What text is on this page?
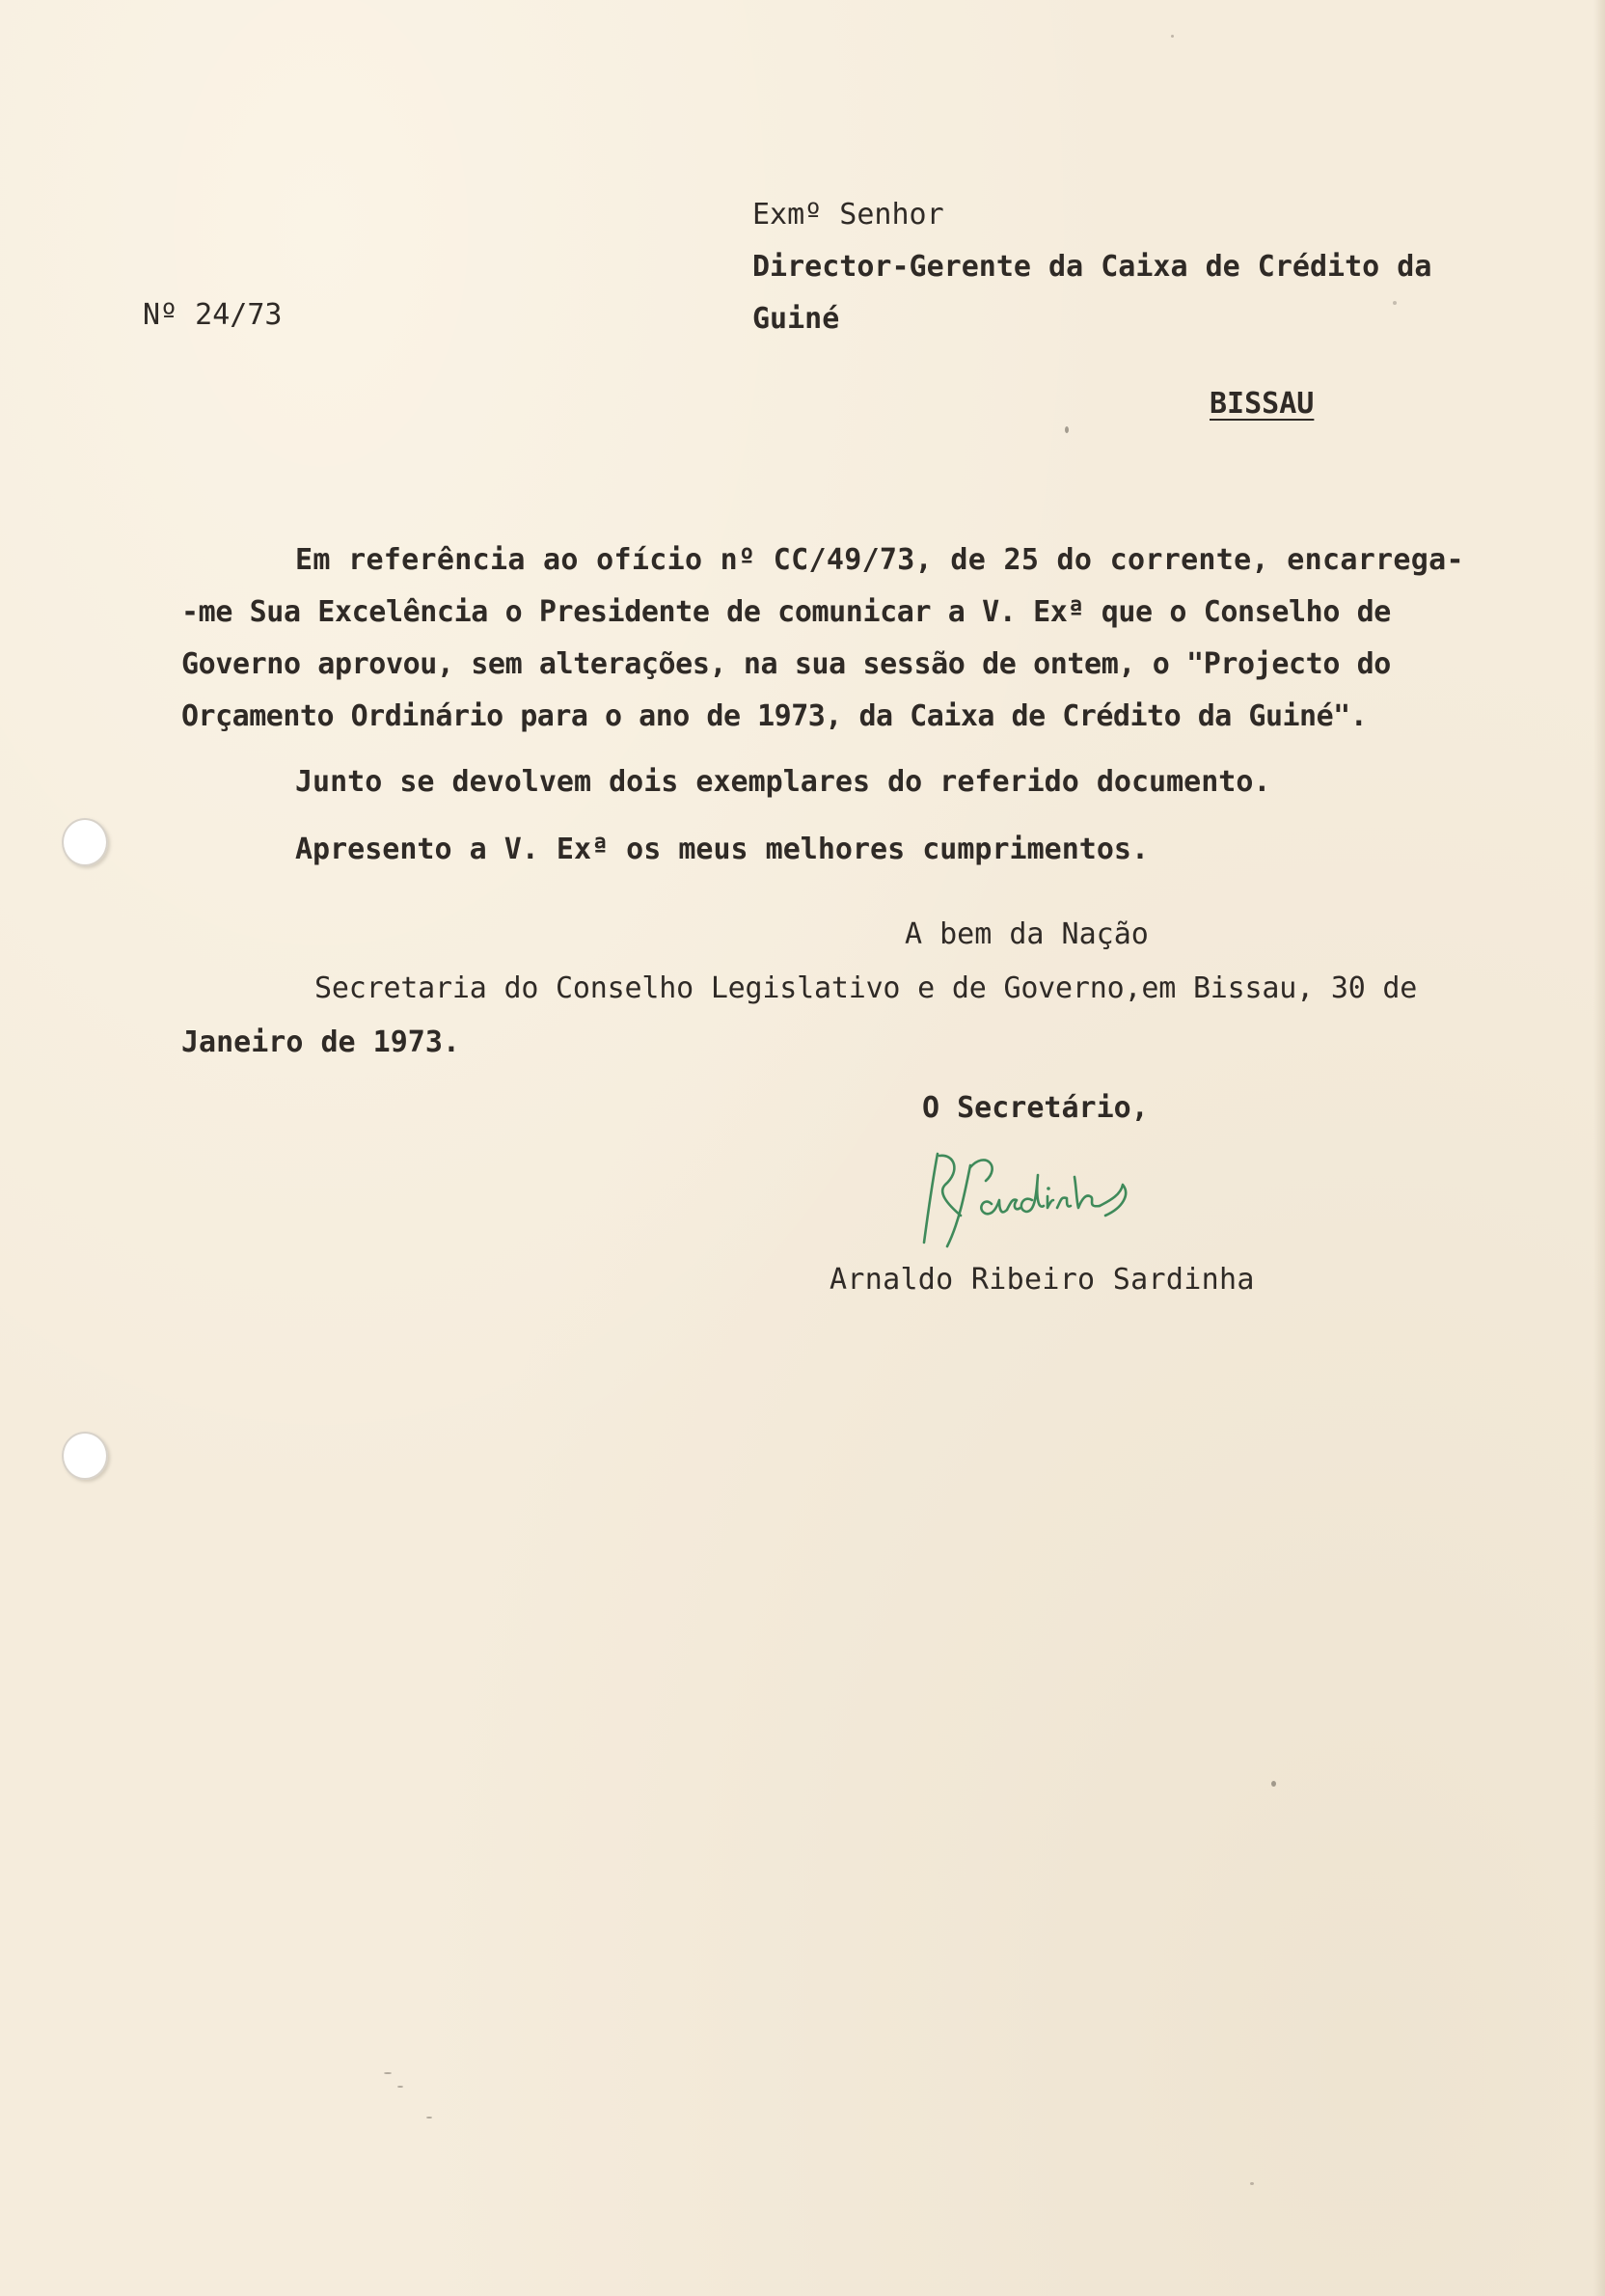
Nº 24/73
Exmº Senhor
Director-Gerente da Caixa de Crédito da
Guiné
BISSAU
Em referência ao ofício nº CC/49/73, de 25 do corrente, encarrega-
-me Sua Excelência o Presidente de comunicar a V. Exª que o Conselho de
Governo aprovou, sem alterações, na sua sessão de ontem, o "Projecto do
Orçamento Ordinário para o ano de 1973, da Caixa de Crédito da Guiné".
Junto se devolvem dois exemplares do referido documento.
Apresento a V. Exª os meus melhores cumprimentos.
A bem da Nação
Secretaria do Conselho Legislativo e de Governo,em Bissau, 30 de
Janeiro de 1973.
O Secretário,
Arnaldo Ribeiro Sardinha
